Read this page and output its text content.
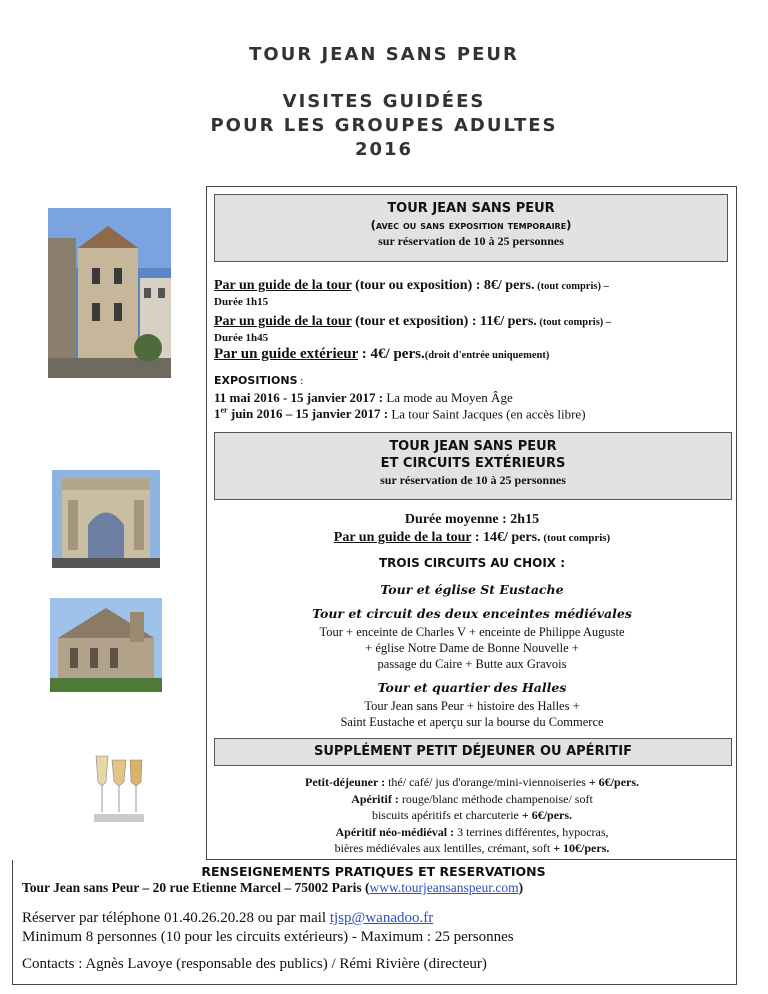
TOUR JEAN SANS PEUR
VISITES GUIDÉES
POUR LES GROUPES ADULTES
2016
TOUR JEAN SANS PEUR
(avec ou sans exposition temporaire)
sur réservation de 10 à 25 personnes
Par un guide de la tour (tour ou exposition) : 8€/ pers. (tout compris) –
Durée 1h15
Par un guide de la tour (tour et exposition) : 11€/ pers. (tout compris) –
Durée 1h45
Par un guide extérieur : 4€/ pers.(droit d'entrée uniquement)
EXPOSITIONS :
11 mai 2016 - 15 janvier 2017 : La mode au Moyen Âge
1er juin 2016 – 15 janvier 2017 : La tour Saint Jacques (en accès libre)
TOUR JEAN SANS PEUR
ET CIRCUITS EXTÉRIEURS
sur réservation de 10 à 25 personnes
Durée moyenne : 2h15
Par un guide de la tour : 14€/ pers. (tout compris)
TROIS CIRCUITS AU CHOIX :
Tour et église St Eustache
Tour et circuit des deux enceintes médiévales
Tour + enceinte de Charles V + enceinte de Philippe Auguste
+ église Notre Dame de Bonne Nouvelle +
passage du Caire + Butte aux Gravois
Tour et quartier des Halles
Tour Jean sans Peur + histoire des Halles +
Saint Eustache et aperçu sur la bourse du Commerce
SUPPLÉMENT PETIT DÉJEUNER OU APÉRITIF
Petit-déjeuner : thé/ café/ jus d'orange/mini-viennoiseries + 6€/pers.
Apéritif : rouge/blanc méthode champenoise/ soft
biscuits apéritifs et charcuterie + 6€/pers.
Apéritif néo-médiéval : 3 terrines différentes, hypocras,
bières médiévales aux lentilles, crémant, soft + 10€/pers.
RENSEIGNEMENTS PRATIQUES ET RESERVATIONS
Tour Jean sans Peur – 20 rue Etienne Marcel – 75002 Paris (www.tourjeansanspeur.com)
Réserver par téléphone 01.40.26.20.28 ou par mail tjsp@wanadoo.fr
Minimum 8 personnes (10 pour les circuits extérieurs) - Maximum : 25 personnes
Contacts : Agnès Lavoye (responsable des publics) / Rémi Rivière (directeur)
